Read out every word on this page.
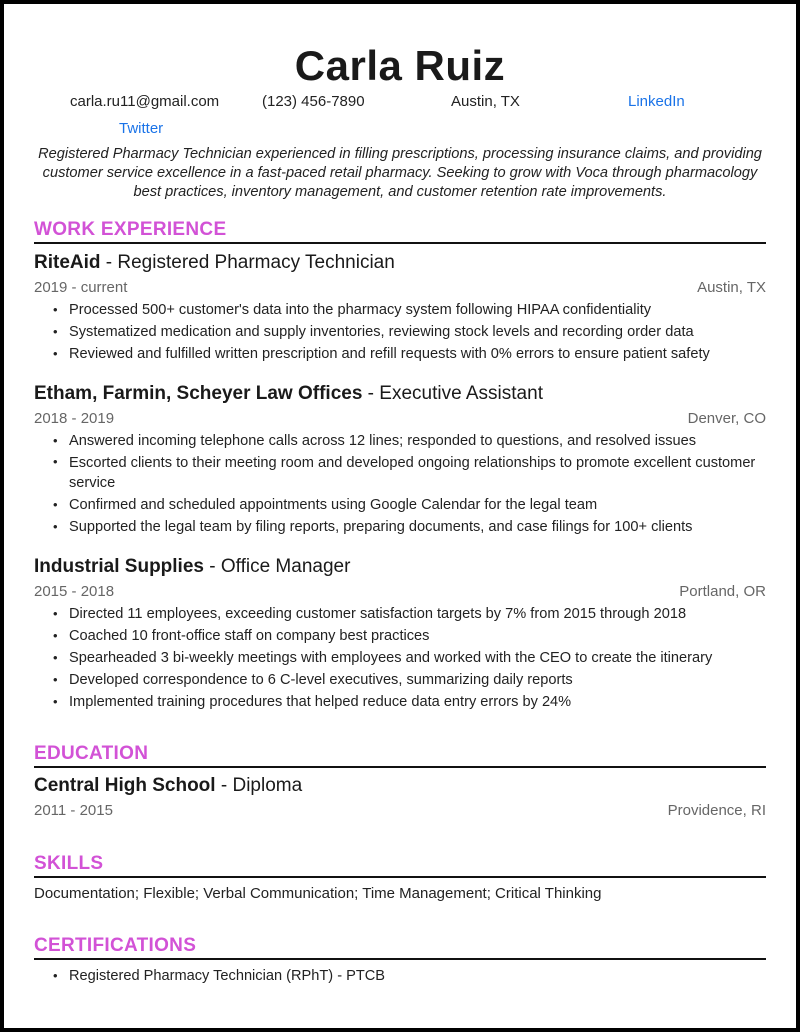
Carla Ruiz
carla.ru11@gmail.com	(123) 456-7890	Austin, TX	LinkedIn
Twitter
Registered Pharmacy Technician experienced in filling prescriptions, processing insurance claims, and providing customer service excellence in a fast-paced retail pharmacy. Seeking to grow with Voca through pharmacology best practices, inventory management, and customer retention rate improvements.
WORK EXPERIENCE
RiteAid - Registered Pharmacy Technician
2019 - current	Austin, TX
• Processed 500+ customer's data into the pharmacy system following HIPAA confidentiality
• Systematized medication and supply inventories, reviewing stock levels and recording order data
• Reviewed and fulfilled written prescription and refill requests with 0% errors to ensure patient safety
Etham, Farmin, Scheyer Law Offices - Executive Assistant
2018 - 2019	Denver, CO
• Answered incoming telephone calls across 12 lines; responded to questions, and resolved issues
• Escorted clients to their meeting room and developed ongoing relationships to promote excellent customer service
• Confirmed and scheduled appointments using Google Calendar for the legal team
• Supported the legal team by filing reports, preparing documents, and case filings for 100+ clients
Industrial Supplies - Office Manager
2015 - 2018	Portland, OR
• Directed 11 employees, exceeding customer satisfaction targets by 7% from 2015 through 2018
• Coached 10 front-office staff on company best practices
• Spearheaded 3 bi-weekly meetings with employees and worked with the CEO to create the itinerary
• Developed correspondence to 6 C-level executives, summarizing daily reports
• Implemented training procedures that helped reduce data entry errors by 24%
EDUCATION
Central High School - Diploma
2011 - 2015	Providence, RI
SKILLS
Documentation; Flexible; Verbal Communication; Time Management; Critical Thinking
CERTIFICATIONS
• Registered Pharmacy Technician (RPhT) - PTCB
